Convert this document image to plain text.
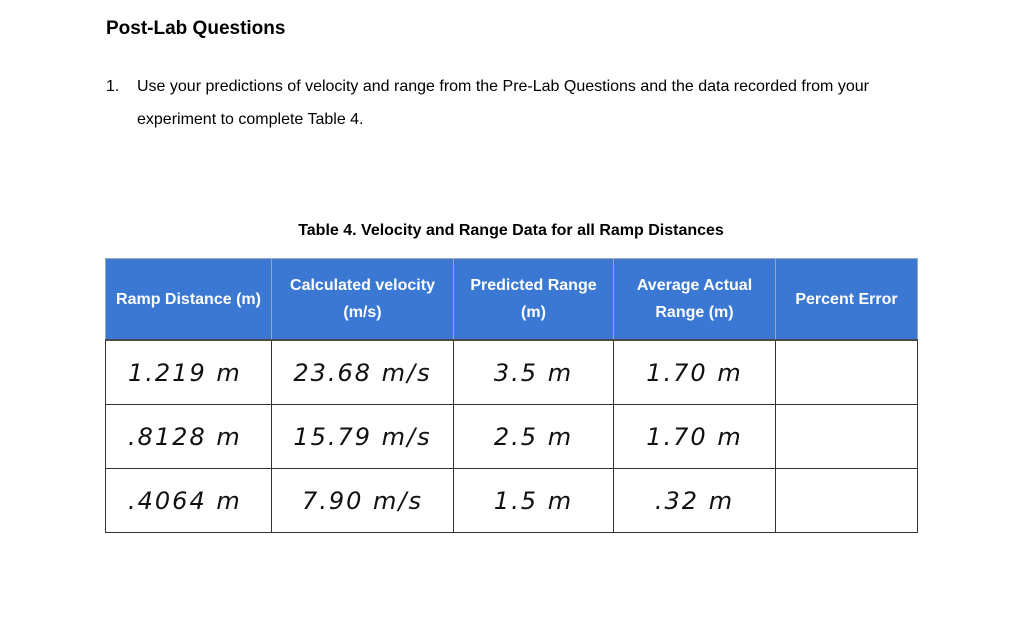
Post-Lab Questions
1. Use your predictions of velocity and range from the Pre-Lab Questions and the data recorded from your experiment to complete Table 4.
Table 4. Velocity and Range Data for all Ramp Distances
Ramp Distance (m)	Calculated velocity (m/s)	Predicted Range (m)	Average Actual Range (m)	Percent Error
1.219 m	23.68 m/s	3.5 m	1.70 m	
.8128 m	15.79 m/s	2.5 m	1.70 m	
.4064 m	7.90 m/s	1.5 m	.32 m	
